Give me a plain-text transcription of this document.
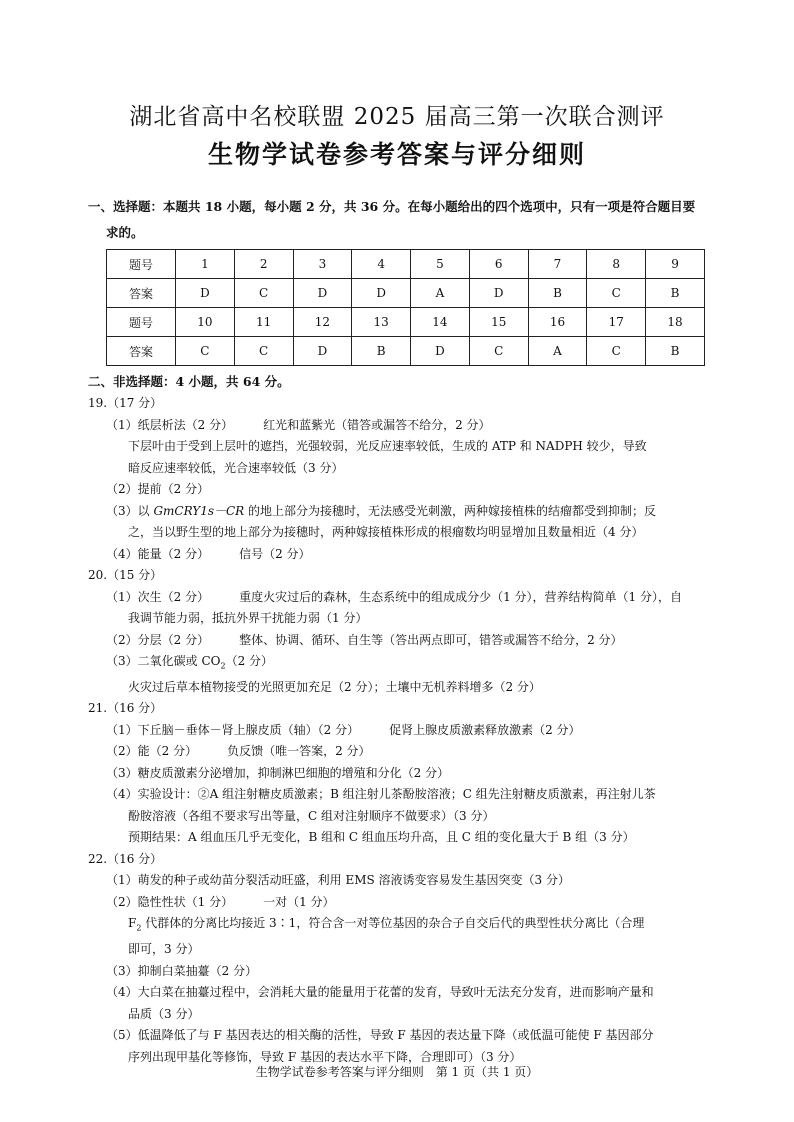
湖北省高中名校联盟 2025 届高三第一次联合测评
生物学试卷参考答案与评分细则
一、选择题：本题共 18 小题，每小题 2 分，共 36 分。在每小题给出的四个选项中，只有一项是符合题目要
求的。
题号	1	2	3	4	5	6	7	8	9
答案	D	C	D	D	A	D	B	C	B
题号	10	11	12	13	14	15	16	17	18
答案	C	C	D	B	D	C	A	C	B
二、非选择题：4 小题，共 64 分。
19.（17 分）
（1）纸层析法（2 分）	红光和蓝紫光（错答或漏答不给分，2 分）
下层叶由于受到上层叶的遮挡，光强较弱，光反应速率较低，生成的 ATP 和 NADPH 较少，导致
暗反应速率较低，光合速率较低（3 分）
（2）提前（2 分）
（3）以 GmCRY1s－CR 的地上部分为接穗时，无法感受光刺激，两种嫁接植株的结瘤都受到抑制；反
之，当以野生型的地上部分为接穗时，两种嫁接植株形成的根瘤数均明显增加且数量相近（4 分）
（4）能量（2 分）	信号（2 分）
20.（15 分）
（1）次生（2 分）	重度火灾过后的森林，生态系统中的组成成分少（1 分），营养结构简单（1 分），自
我调节能力弱，抵抗外界干扰能力弱（1 分）
（2）分层（2 分）	整体、协调、循环、自生等（答出两点即可，错答或漏答不给分，2 分）
（3）二氧化碳或 $CO_2(2$ 分）
火灾过后草本植物接受的光照更加充足（2 分）；土壤中无机养料增多（2 分）
21.（16 分）
（1）下丘脑－垂体－肾上腺皮质（轴）（2 分）	促肾上腺皮质激素释放激素（2 分）
（2）能（2 分）	负反馈（唯一答案，2 分）
（3）糖皮质激素分泌增加，抑制淋巴细胞的增殖和分化（2 分）
（4）实验设计：②A 组注射糖皮质激素；B 组注射儿茶酚胺溶液；C 组先注射糖皮质激素，再注射儿茶
酚胺溶液（各组不要求写出等量，C 组对注射顺序不做要求）（3 分）
预期结果：A 组血压几乎无变化，B 组和 C 组血压均升高，且 C 组的变化量大于 B 组（3 分）
22.（16 分）
（1）萌发的种子或幼苗分裂活动旺盛，利用 EMS 溶液诱变容易发生基因突变（3 分）
（2）隐性性状（1 分）	一对（1 分）
$F_2$ 代群体的分离比均接近 3∶1，符合含一对等位基因的杂合子自交后代的典型性状分离比（合理
即可，3 分）
（3）抑制白菜抽薹（2 分）
（4）大白菜在抽薹过程中，会消耗大量的能量用于花蕾的发育，导致叶无法充分发育，进而影响产量和
品质（3 分）
（5）低温降低了与 F 基因表达的相关酶的活性，导致 F 基因的表达量下降（或低温可能使 F 基因部分
序列出现甲基化等修饰，导致 F 基因的表达水平下降，合理即可）（3 分）
生物学试卷参考答案与评分细则　第 1 页（共 1 页）
